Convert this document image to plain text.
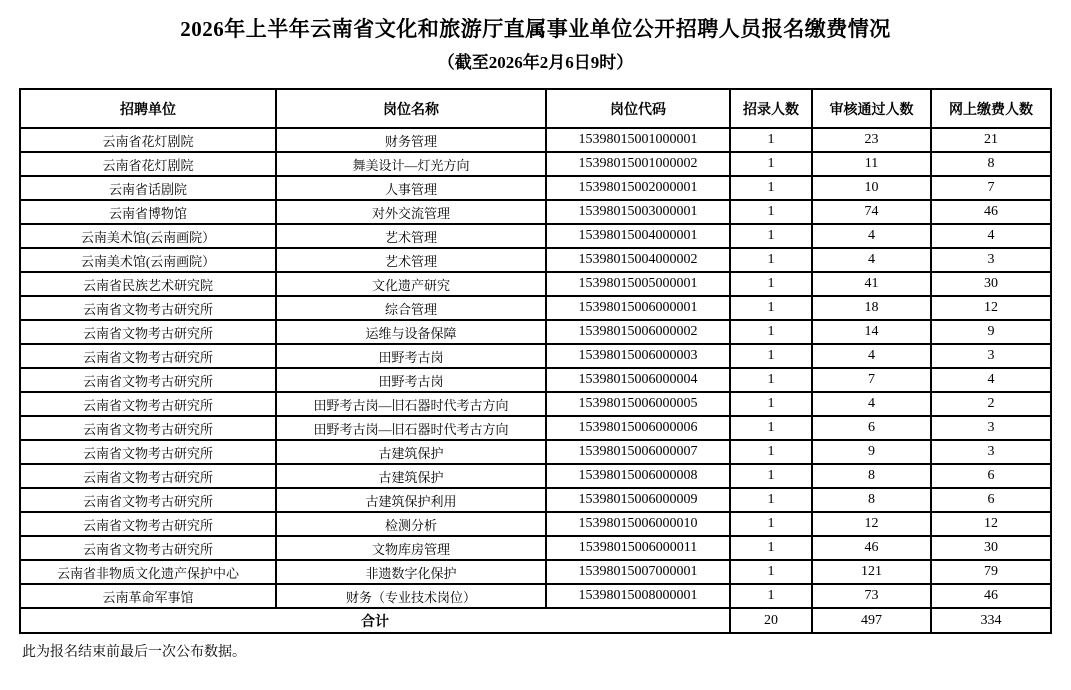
2026年上半年云南省文化和旅游厅直属事业单位公开招聘人员报名缴费情况
（截至2026年2月6日9时）
招聘单位	岗位名称	岗位代码	招录人数	审核通过人数	网上缴费人数
云南省花灯剧院	财务管理	15398015001000001	1	23	21
云南省花灯剧院	舞美设计—灯光方向	15398015001000002	1	11	8
云南省话剧院	人事管理	15398015002000001	1	10	7
云南省博物馆	对外交流管理	15398015003000001	1	74	46
云南美术馆(云南画院）	艺术管理	15398015004000001	1	4	4
云南美术馆(云南画院）	艺术管理	15398015004000002	1	4	3
云南省民族艺术研究院	文化遗产研究	15398015005000001	1	41	30
云南省文物考古研究所	综合管理	15398015006000001	1	18	12
云南省文物考古研究所	运维与设备保障	15398015006000002	1	14	9
云南省文物考古研究所	田野考古岗	15398015006000003	1	4	3
云南省文物考古研究所	田野考古岗	15398015006000004	1	7	4
云南省文物考古研究所	田野考古岗—旧石器时代考古方向	15398015006000005	1	4	2
云南省文物考古研究所	田野考古岗—旧石器时代考古方向	15398015006000006	1	6	3
云南省文物考古研究所	古建筑保护	15398015006000007	1	9	3
云南省文物考古研究所	古建筑保护	15398015006000008	1	8	6
云南省文物考古研究所	古建筑保护利用	15398015006000009	1	8	6
云南省文物考古研究所	检测分析	15398015006000010	1	12	12
云南省文物考古研究所	文物库房管理	15398015006000011	1	46	30
云南省非物质文化遗产保护中心	非遗数字化保护	15398015007000001	1	121	79
云南革命军事馆	财务（专业技术岗位）	15398015008000001	1	73	46
合计			20	497	334
此为报名结束前最后一次公布数据。
